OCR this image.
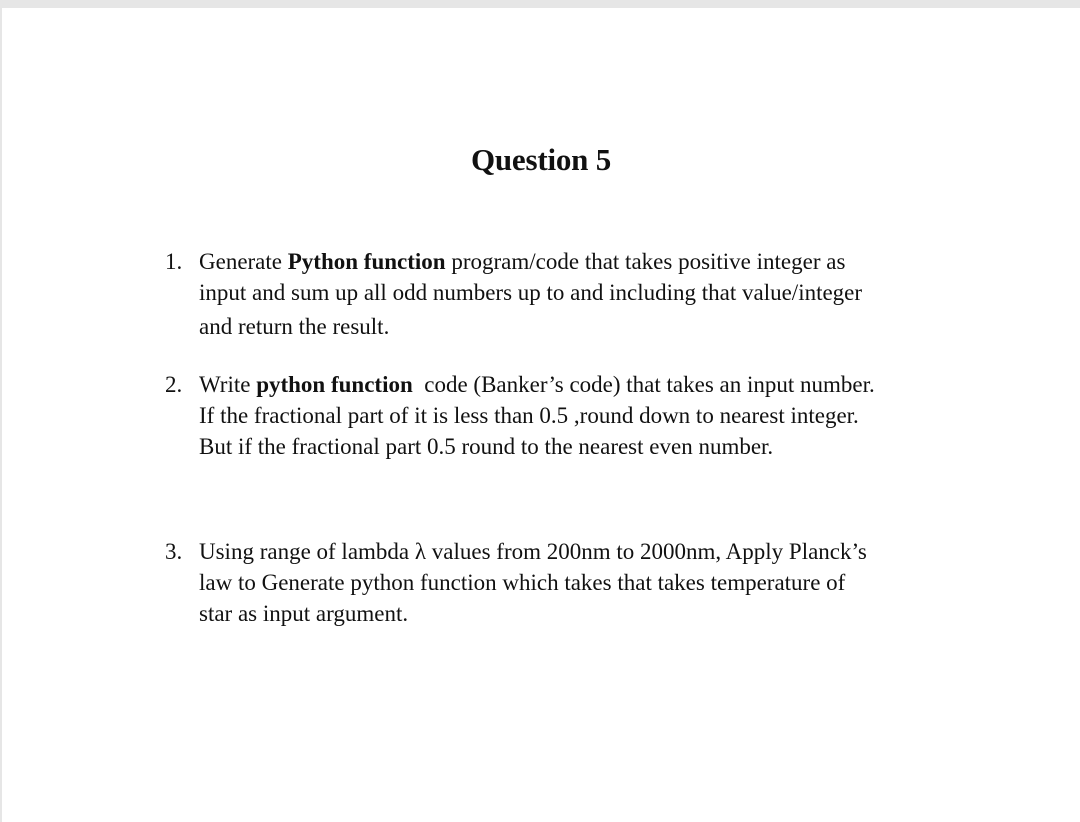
Question 5
1. Generate Python function program/code that takes positive integer as
input and sum up all odd numbers up to and including that value/integer
and return the result.
2. Write python function  code (Banker’s code) that takes an input number.
If the fractional part of it is less than 0.5 ,round down to nearest integer.
But if the fractional part 0.5 round to the nearest even number.
3. Using range of lambda λ values from 200nm to 2000nm, Apply Planck’s
law to Generate python function which takes that takes temperature of
star as input argument.
